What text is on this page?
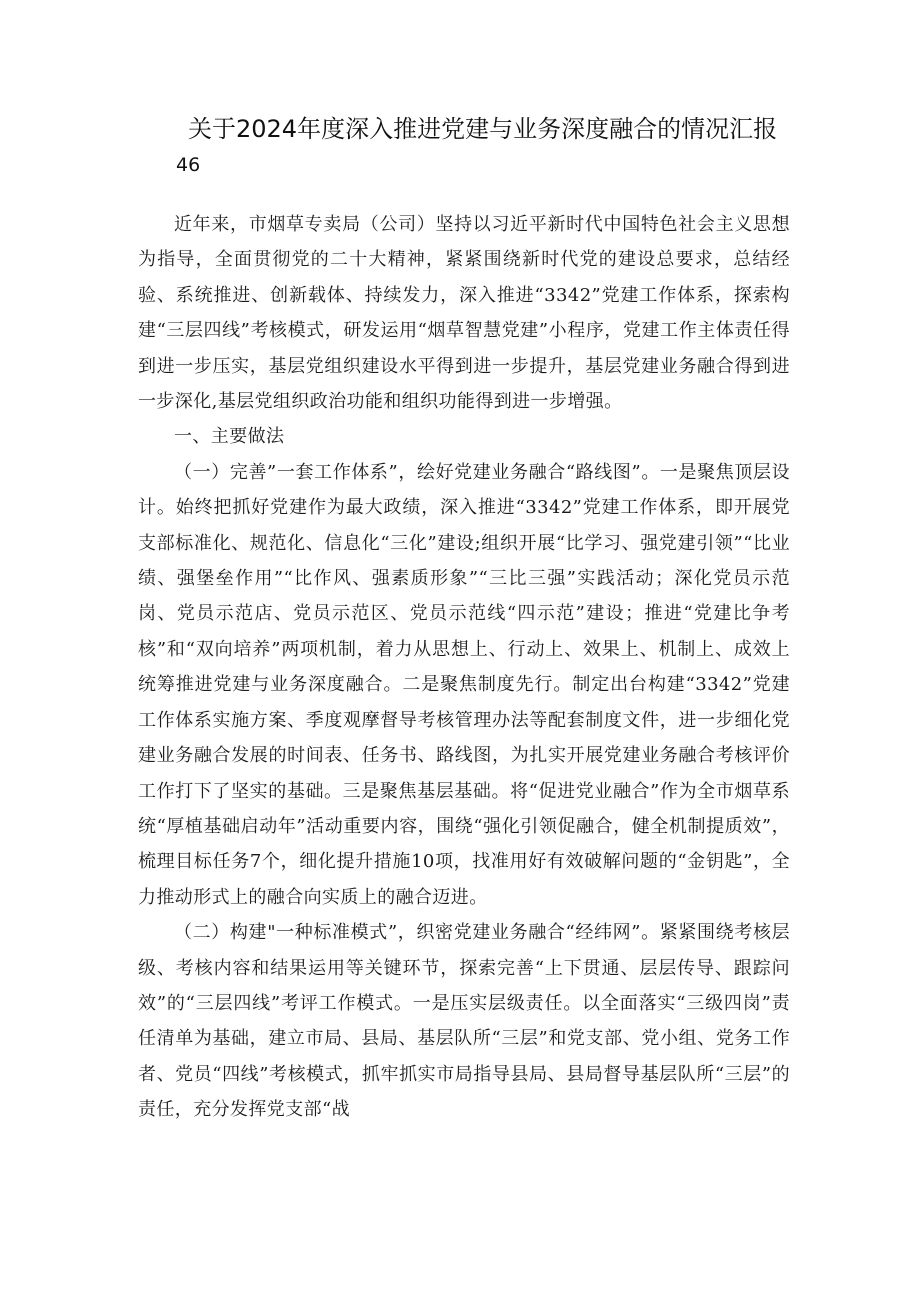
关于2024年度深入推进党建与业务深度融合的情况汇报
46

近年来，市烟草专卖局（公司）坚持以习近平新时代中国特色社会主义思想为指导，全面贯彻党的二十大精神，紧紧围绕新时代党的建设总要求，总结经验、系统推进、创新载体、持续发力，深入推进“3342”党建工作体系，探索构建“三层四线”考核模式，研发运用“烟草智慧党建”小程序，党建工作主体责任得到进一步压实，基层党组织建设水平得到进一步提升，基层党建业务融合得到进一步深化,基层党组织政治功能和组织功能得到进一步增强。

一、主要做法

（一）完善”一套工作体系”，绘好党建业务融合“路线图”。一是聚焦顶层设计。始终把抓好党建作为最大政绩，深入推进“3342”党建工作体系，即开展党支部标准化、规范化、信息化“三化”建设;组织开展“比学习、强党建引领”“比业绩、强堡垒作用”“比作风、强素质形象”“三比三强”实践活动；深化党员示范岗、党员示范店、党员示范区、党员示范线“四示范”建设；推进“党建比争考核”和“双向培养”两项机制，着力从思想上、行动上、效果上、机制上、成效上统筹推进党建与业务深度融合。二是聚焦制度先行。制定出台构建“3342”党建工作体系实施方案、季度观摩督导考核管理办法等配套制度文件，进一步细化党建业务融合发展的时间表、任务书、路线图，为扎实开展党建业务融合考核评价工作打下了坚实的基础。三是聚焦基层基础。将“促进党业融合”作为全市烟草系统“厚植基础启动年”活动重要内容，围绕“强化引领促融合，健全机制提质效”，梳理目标任务7个，细化提升措施10项，找准用好有效破解问题的“金钥匙”，全力推动形式上的融合向实质上的融合迈进。

（二）构建"一种标准模式”，织密党建业务融合“经纬网”。紧紧围绕考核层级、考核内容和结果运用等关键环节，探索完善“上下贯通、层层传导、跟踪问效”的“三层四线”考评工作模式。一是压实层级责任。以全面落实“三级四岗”责任清单为基础，建立市局、县局、基层队所“三层”和党支部、党小组、党务工作者、党员“四线”考核模式，抓牢抓实市局指导县局、县局督导基层队所“三层”的责任，充分发挥党支部“战
